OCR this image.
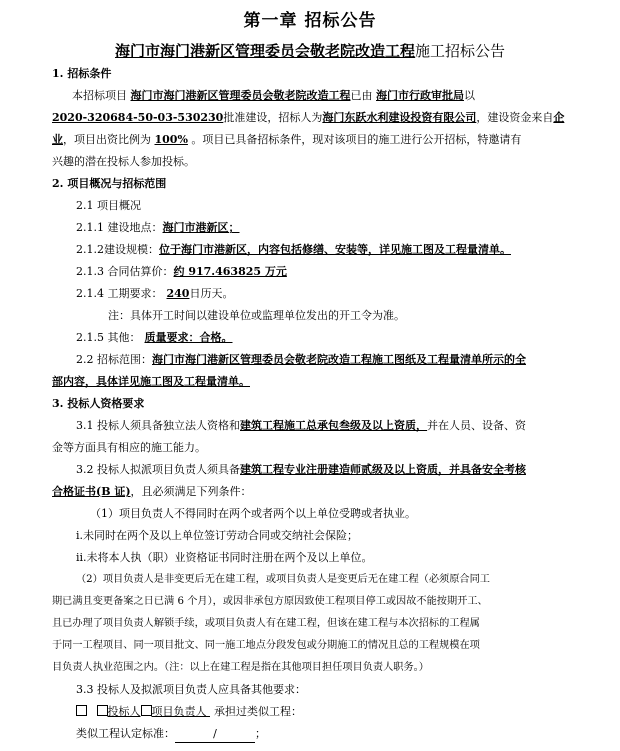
第一章 招标公告
海门市海门港新区管理委员会敬老院改造工程施工招标公告
1. 招标条件
本招标项目 海门市海门港新区管理委员会敬老院改造工程已由 海门市行政审批局以
2020-320684-50-03-530230批准建设，招标人为海门东跃水利建设投资有限公司，建设资金来自企
业，项目出资比例为 100% 。项目已具备招标条件，现对该项目的施工进行公开招标，特邀请有
兴趣的潜在投标人参加投标。
2. 项目概况与招标范围
2.1 项目概况
2.1.1 建设地点：海门市港新区；
2.1.2建设规模：位于海门市港新区，内容包括修缮、安装等，详见施工图及工程量清单。
2.1.3 合同估算价：约 917.463825 万元
2.1.4 工期要求： 240日历天。
注：具体开工时间以建设单位或监理单位发出的开工令为准。
2.1.5 其他： 质量要求：合格。
2.2 招标范围：海门市海门港新区管理委员会敬老院改造工程施工图纸及工程量清单所示的全
部内容，具体详见施工图及工程量清单。
3. 投标人资格要求
3.1 投标人须具备独立法人资格和建筑工程施工总承包叁级及以上资质，并在人员、设备、资
金等方面具有相应的施工能力。
3.2 投标人拟派项目负责人须具备建筑工程专业注册建造师贰级及以上资质，并具备安全考核
合格证书(B 证)，且必须满足下列条件：
（1）项目负责人不得同时在两个或者两个以上单位受聘或者执业。
ⅰ.未同时在两个及以上单位签订劳动合同或交纳社会保险；
ⅱ.未将本人执（职）业资格证书同时注册在两个及以上单位。
（2）项目负责人是非变更后无在建工程，或项目负责人是变更后无在建工程（必须原合同工
期已满且变更备案之日已满 6 个月），或因非承包方原因致使工程项目停工或因故不能按期开工、
且已办理了项目负责人解锁手续，或项目负责人有在建工程，但该在建工程与本次招标的工程属
于同一工程项目、同一项目批文、同一施工地点分段发包或分期施工的情况且总的工程规模在项
目负责人执业范围之内。（注：以上在建工程是指在其他项目担任项目负责人职务。）
3.3 投标人及拟派项目负责人应具备其他要求：
投标人 项目负责人 承担过类似工程：
类似工程认定标准：	/	；
